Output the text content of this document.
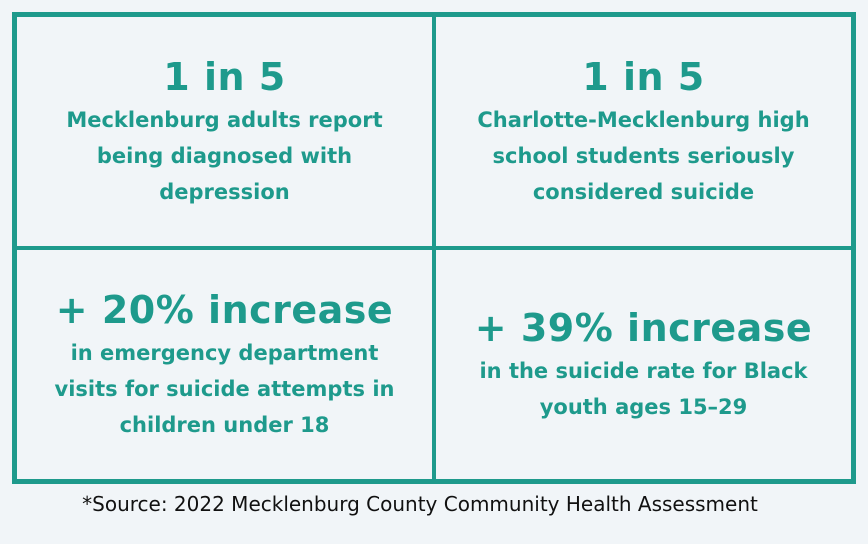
1 in 5
Mecklenburg adults report being diagnosed with depression
1 in 5
Charlotte-Mecklenburg high school students seriously considered suicide
+ 20% increase
in emergency department visits for suicide attempts in children under 18
+ 39% increase
in the suicide rate for Black youth ages 15–29
*Source: 2022 Mecklenburg County Community Health Assessment
